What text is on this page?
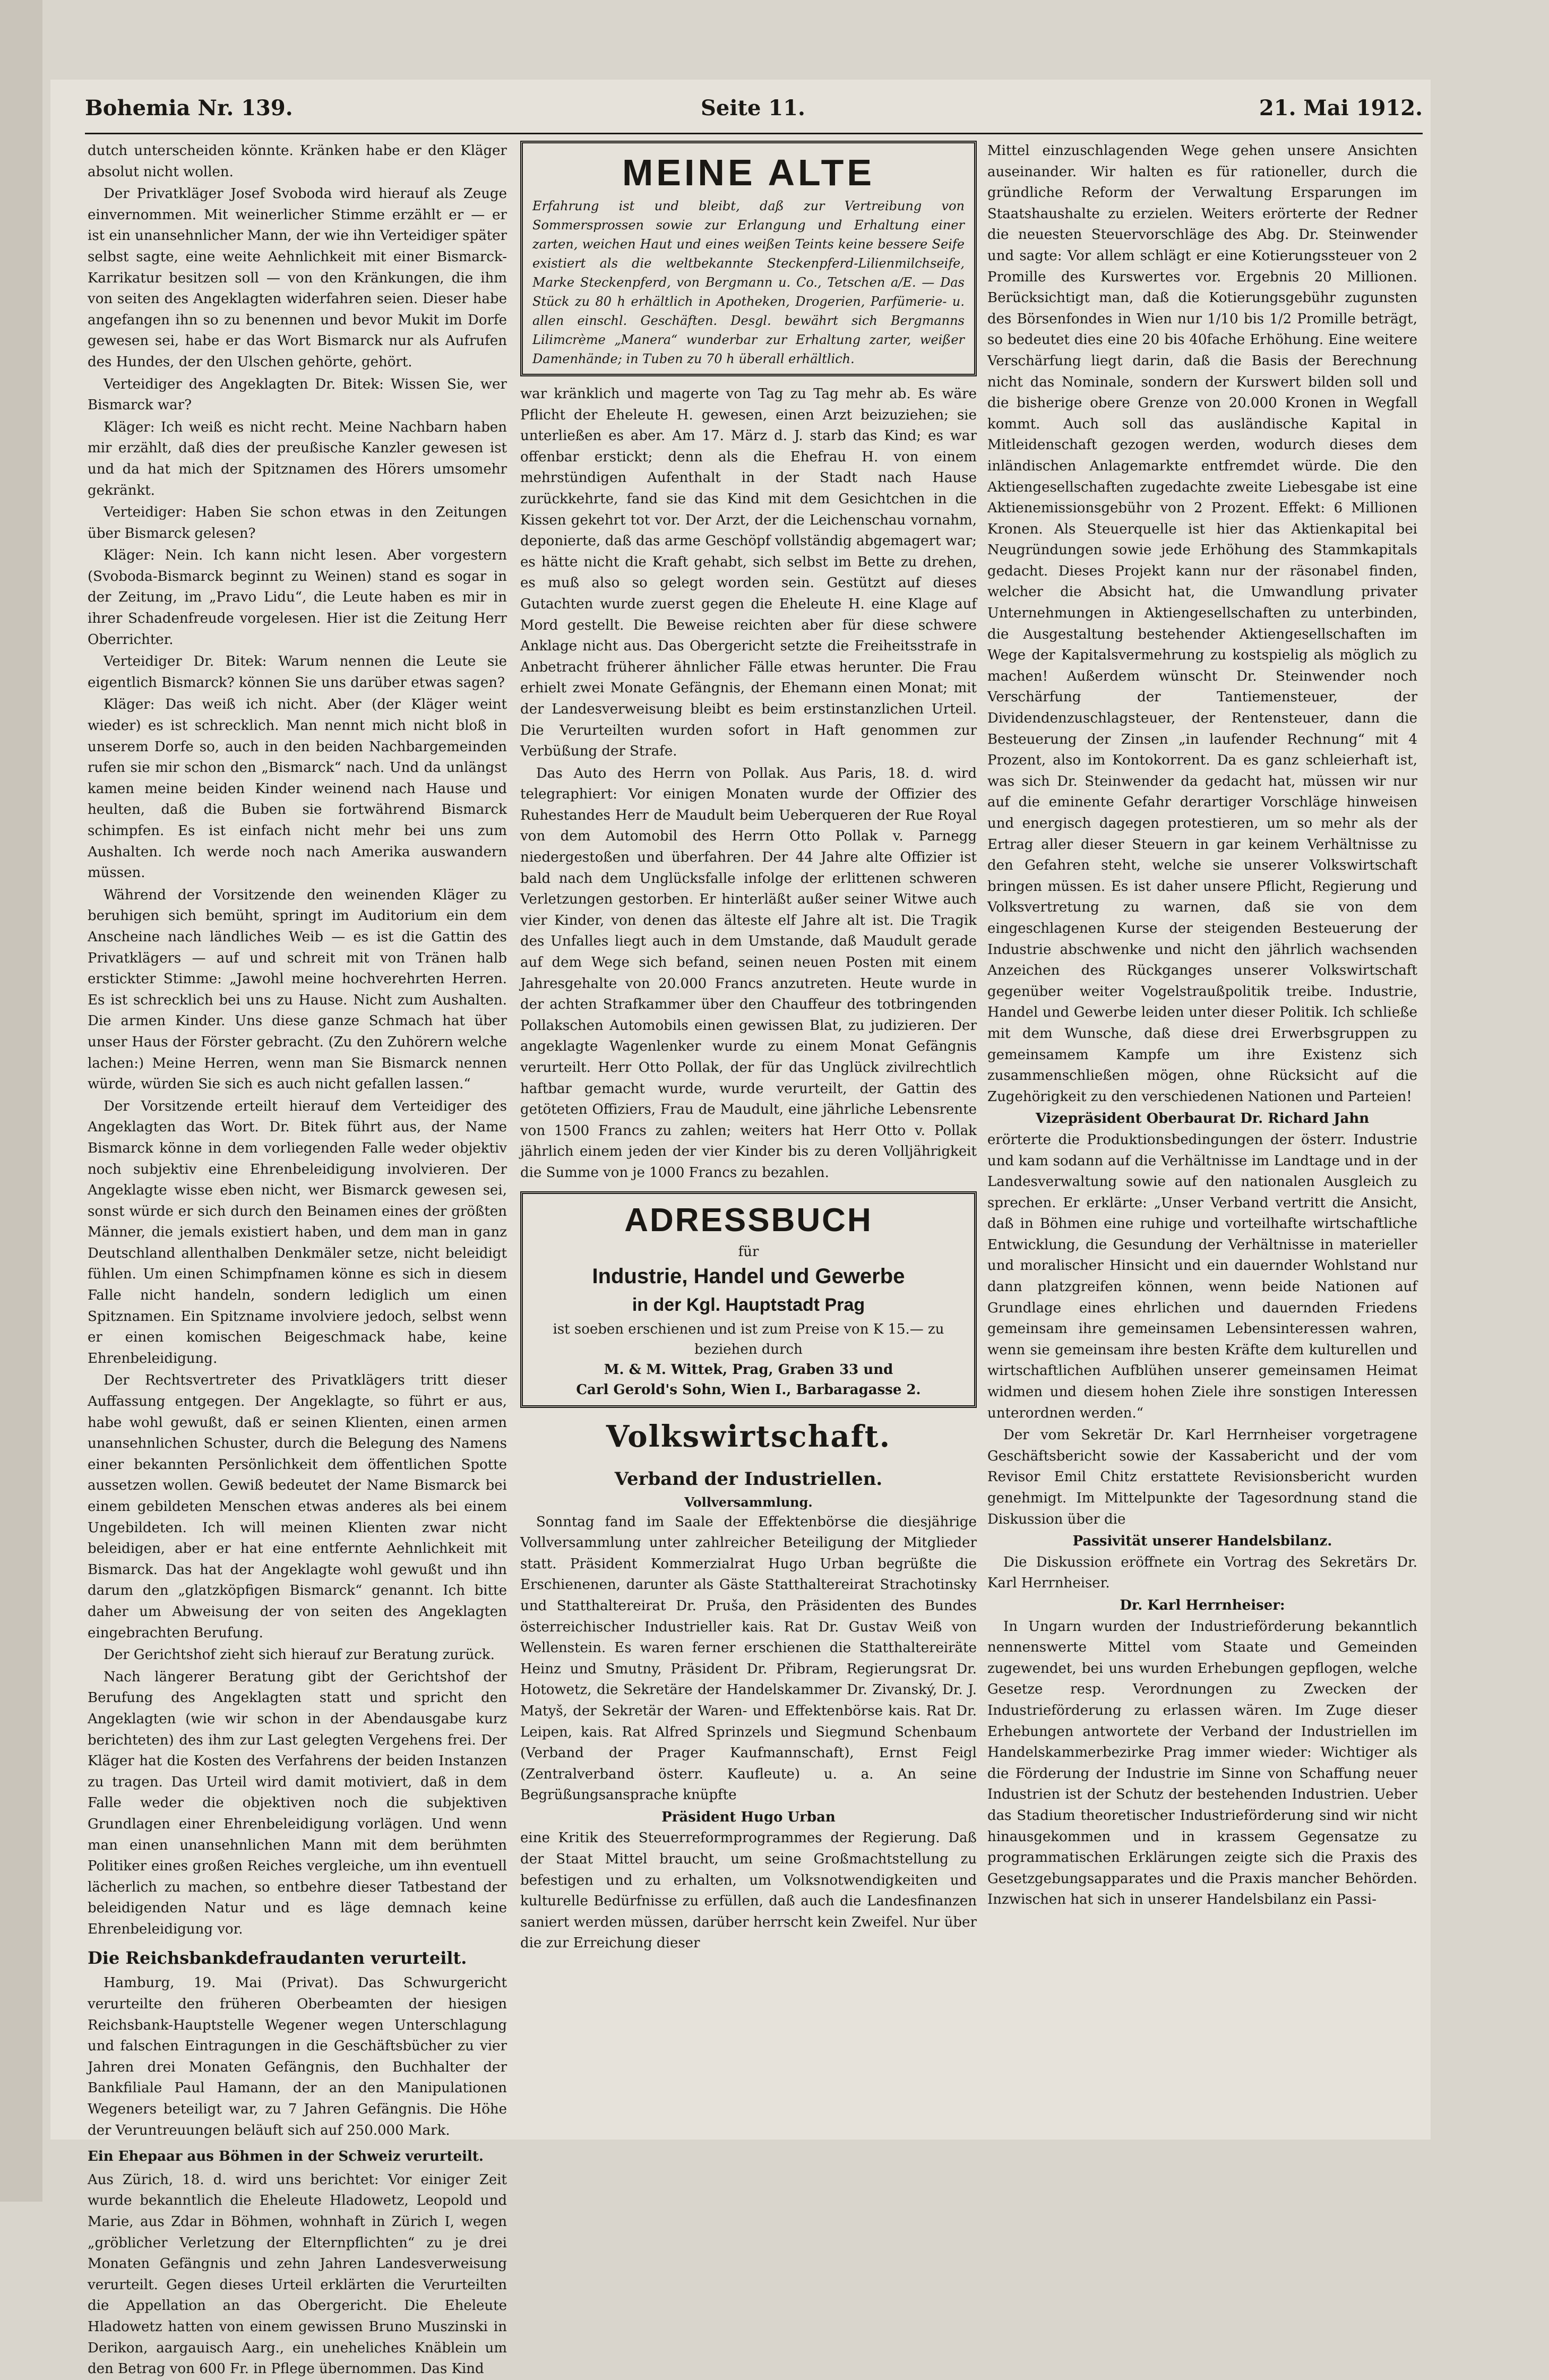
Bohemia Nr. 139.	Seite 11.	21. Mai 1912.

dutch unterscheiden könnte. Kränken habe er den Kläger absolut nicht wollen.

Der Privatkläger Josef Svoboda wird hierauf als Zeuge einvernommen. Mit weinerlicher Stimme erzählt er — er ist ein unansehnlicher Mann, der wie ihn Verteidiger später selbst sagte, eine weite Aehnlichkeit mit einer Bismarck-Karrikatur besitzen soll — von den Kränkungen, die ihm von seiten des Angeklagten widerfahren seien. Dieser habe angefangen ihn so zu benennen und bevor Mukit im Dorfe gewesen sei, habe er das Wort Bismarck nur als Aufrufen des Hundes, der den Ulschen gehörte, gehört.

Verteidiger des Angeklagten Dr. Bitek: Wissen Sie, wer Bismarck war?

Kläger: Ich weiß es nicht recht. Meine Nachbarn haben mir erzählt, daß dies der preußische Kanzler gewesen ist und da hat mich der Spitznamen des Hörers umsomehr gekränkt.

Verteidiger: Haben Sie schon etwas in den Zeitungen über Bismarck gelesen?

Kläger: Nein. Ich kann nicht lesen. Aber vorgestern (Svoboda-Bismarck beginnt zu Weinen) stand es sogar in der Zeitung, im „Pravo Lidu“, die Leute haben es mir in ihrer Schadenfreude vorgelesen. Hier ist die Zeitung Herr Oberrichter.

Verteidiger Dr. Bitek: Warum nennen die Leute sie eigentlich Bismarck? können Sie uns darüber etwas sagen?

Kläger: Das weiß ich nicht. Aber (der Kläger weint wieder) es ist schrecklich. Man nennt mich nicht bloß in unserem Dorfe so, auch in den beiden Nachbargemeinden rufen sie mir schon den „Bismarck“ nach. Und da unlängst kamen meine beiden Kinder weinend nach Hause und heulten, daß die Buben sie fortwährend Bismarck schimpfen. Es ist einfach nicht mehr bei uns zum Aushalten. Ich werde noch nach Amerika auswandern müssen.

Während der Vorsitzende den weinenden Kläger zu beruhigen sich bemüht, springt im Auditorium ein dem Anscheine nach ländliches Weib — es ist die Gattin des Privatklägers — auf und schreit mit von Tränen halb erstickter Stimme: „Jawohl meine hochverehrten Herren. Es ist schrecklich bei uns zu Hause. Nicht zum Aushalten. Die armen Kinder. Uns diese ganze Schmach hat über unser Haus der Förster gebracht. (Zu den Zuhörern welche lachen:) Meine Herren, wenn man Sie Bismarck nennen würde, würden Sie sich es auch nicht gefallen lassen.“

Der Vorsitzende erteilt hierauf dem Verteidiger des Angeklagten das Wort. Dr. Bitek führt aus, der Name Bismarck könne in dem vorliegenden Falle weder objektiv noch subjektiv eine Ehrenbeleidigung involvieren. Der Angeklagte wisse eben nicht, wer Bismarck gewesen sei, sonst würde er sich durch den Beinamen eines der größten Männer, die jemals existiert haben, und dem man in ganz Deutschland allenthalben Denkmäler setze, nicht beleidigt fühlen. Um einen Schimpfnamen könne es sich in diesem Falle nicht handeln, sondern lediglich um einen Spitznamen. Ein Spitzname involviere jedoch, selbst wenn er einen komischen Beigeschmack habe, keine Ehrenbeleidigung.

Der Rechtsvertreter des Privatklägers tritt dieser Auffassung entgegen. Der Angeklagte, so führt er aus, habe wohl gewußt, daß er seinen Klienten, einen armen unansehnlichen Schuster, durch die Belegung des Namens einer bekannten Persönlichkeit dem öffentlichen Spotte aussetzen wollen. Gewiß bedeutet der Name Bismarck bei einem gebildeten Menschen etwas anderes als bei einem Ungebildeten. Ich will meinen Klienten zwar nicht beleidigen, aber er hat eine entfernte Aehnlichkeit mit Bismarck. Das hat der Angeklagte wohl gewußt und ihn darum den „glatzköpfigen Bismarck“ genannt. Ich bitte daher um Abweisung der von seiten des Angeklagten eingebrachten Berufung.

Der Gerichtshof zieht sich hierauf zur Beratung zurück.

Nach längerer Beratung gibt der Gerichtshof der Berufung des Angeklagten statt und spricht den Angeklagten (wie wir schon in der Abendausgabe kurz berichteten) des ihm zur Last gelegten Vergehens frei. Der Kläger hat die Kosten des Verfahrens der beiden Instanzen zu tragen. Das Urteil wird damit motiviert, daß in dem Falle weder die objektiven noch die subjektiven Grundlagen einer Ehrenbeleidigung vorlägen. Und wenn man einen unansehnlichen Mann mit dem berühmten Politiker eines großen Reiches vergleiche, um ihn eventuell lächerlich zu machen, so entbehre dieser Tatbestand der beleidigenden Natur und es läge demnach keine Ehrenbeleidigung vor.

Die Reichsbankdefraudanten verurteilt.

Hamburg, 19. Mai (Privat). Das Schwurgericht verurteilte den früheren Oberbeamten der hiesigen Reichsbank-Hauptstelle Wegener wegen Unterschlagung und falschen Eintragungen in die Geschäftsbücher zu vier Jahren drei Monaten Gefängnis, den Buchhalter der Bankfiliale Paul Hamann, der an den Manipulationen Wegeners beteiligt war, zu 7 Jahren Gefängnis. Die Höhe der Veruntreuungen beläuft sich auf 250.000 Mark.

Ein Ehepaar aus Böhmen in der Schweiz verurteilt.

Aus Zürich, 18. d. wird uns berichtet: Vor einiger Zeit wurde bekanntlich die Eheleute Hladowetz, Leopold und Marie, aus Zdar in Böhmen, wohnhaft in Zürich I, wegen „gröblicher Verletzung der Elternpflichten“ zu je drei Monaten Gefängnis und zehn Jahren Landesverweisung verurteilt. Gegen dieses Urteil erklärten die Verurteilten die Appellation an das Obergericht. Die Eheleute Hladowetz hatten von einem gewissen Bruno Muszinski in Derikon, aargauisch Aarg., ein uneheliches Knäblein um den Betrag von 600 Fr. in Pflege übernommen. Das Kind

MEINE ALTE
Erfahrung ist und bleibt, daß zur Vertreibung von Sommersprossen sowie zur Erlangung und Erhaltung einer zarten, weichen Haut und eines weißen Teints keine bessere Seife existiert als die weltbekannte Steckenpferd-Lilienmilchseife, Marke Steckenpferd, von Bergmann u. Co., Tetschen a/E. — Das Stück zu 80 h erhältlich in Apotheken, Drogerien, Parfümerie- u. allen einschl. Geschäften. Desgl. bewährt sich Bergmanns Lilimcrème „Manera“ wunderbar zur Erhaltung zarter, weißer Damenhände; in Tuben zu 70 h überall erhältlich.

war kränklich und magerte von Tag zu Tag mehr ab. Es wäre Pflicht der Eheleute H. gewesen, einen Arzt beizuziehen; sie unterließen es aber. Am 17. März d. J. starb das Kind; es war offenbar erstickt; denn als die Ehefrau H. von einem mehrstündigen Aufenthalt in der Stadt nach Hause zurückkehrte, fand sie das Kind mit dem Gesichtchen in die Kissen gekehrt tot vor. Der Arzt, der die Leichenschau vornahm, deponierte, daß das arme Geschöpf vollständig abgemagert war; es hätte nicht die Kraft gehabt, sich selbst im Bette zu drehen, es muß also so gelegt worden sein. Gestützt auf dieses Gutachten wurde zuerst gegen die Eheleute H. eine Klage auf Mord gestellt. Die Beweise reichten aber für diese schwere Anklage nicht aus. Das Obergericht setzte die Freiheitsstrafe in Anbetracht früherer ähnlicher Fälle etwas herunter. Die Frau erhielt zwei Monate Gefängnis, der Ehemann einen Monat; mit der Landesverweisung bleibt es beim erstinstanzlichen Urteil. Die Verurteilten wurden sofort in Haft genommen zur Verbüßung der Strafe.

Das Auto des Herrn von Pollak. Aus Paris, 18. d. wird telegraphiert: Vor einigen Monaten wurde der Offizier des Ruhestandes Herr de Maudult beim Ueberqueren der Rue Royal von dem Automobil des Herrn Otto Pollak v. Parnegg niedergestoßen und überfahren. Der 44 Jahre alte Offizier ist bald nach dem Unglücksfalle infolge der erlittenen schweren Verletzungen gestorben. Er hinterläßt außer seiner Witwe auch vier Kinder, von denen das älteste elf Jahre alt ist. Die Tragik des Unfalles liegt auch in dem Umstande, daß Maudult gerade auf dem Wege sich befand, seinen neuen Posten mit einem Jahresgehalte von 20.000 Francs anzutreten. Heute wurde in der achten Strafkammer über den Chauffeur des totbringenden Pollakschen Automobils einen gewissen Blat, zu judizieren. Der angeklagte Wagenlenker wurde zu einem Monat Gefängnis verurteilt. Herr Otto Pollak, der für das Unglück zivilrechtlich haftbar gemacht wurde, wurde verurteilt, der Gattin des getöteten Offiziers, Frau de Maudult, eine jährliche Lebensrente von 1500 Francs zu zahlen; weiters hat Herr Otto v. Pollak jährlich einem jeden der vier Kinder bis zu deren Volljährigkeit die Summe von je 1000 Francs zu bezahlen.

ADRESSBUCH
für
Industrie, Handel und Gewerbe
in der Kgl. Hauptstadt Prag
ist soeben erschienen und ist zum Preise von K 15.— zu beziehen durch
M. & M. Wittek, Prag, Graben 33 und
Carl Gerold's Sohn, Wien I., Barbaragasse 2.
Volkswirtschaft.
Verband der Industriellen.
Vollversammlung.

Sonntag fand im Saale der Effektenbörse die diesjährige Vollversammlung unter zahlreicher Beteiligung der Mitglieder statt. Präsident Kommerzialrat Hugo Urban begrüßte die Erschienenen, darunter als Gäste Statthaltereirat Strachotinsky und Statthaltereirat Dr. Pruša, den Präsidenten des Bundes österreichischer Industrieller kais. Rat Dr. Gustav Weiß von Wellenstein. Es waren ferner erschienen die Statthaltereiräte Heinz und Smutny, Präsident Dr. Přibram, Regierungsrat Dr. Hotowetz, die Sekretäre der Handelskammer Dr. Zivanský, Dr. J. Matyš, der Sekretär der Waren- und Effektenbörse kais. Rat Dr. Leipen, kais. Rat Alfred Sprinzels und Siegmund Schenbaum (Verband der Prager Kaufmannschaft), Ernst Feigl (Zentralverband österr. Kaufleute) u. a. An seine Begrüßungsansprache knüpfte

Präsident Hugo Urban

eine Kritik des Steuerreformprogrammes der Regierung. Daß der Staat Mittel braucht, um seine Großmachtstellung zu befestigen und zu erhalten, um Volksnotwendigkeiten und kulturelle Bedürfnisse zu erfüllen, daß auch die Landesfinanzen saniert werden müssen, darüber herrscht kein Zweifel. Nur über die zur Erreichung dieser

Mittel einzuschlagenden Wege gehen unsere Ansichten auseinander. Wir halten es für rationeller, durch die gründliche Reform der Verwaltung Ersparungen im Staatshaushalte zu erzielen. Weiters erörterte der Redner die neuesten Steuervorschläge des Abg. Dr. Steinwender und sagte: Vor allem schlägt er eine Kotierungssteuer von 2 Promille des Kurswertes vor. Ergebnis 20 Millionen. Berücksichtigt man, daß die Kotierungsgebühr zugunsten des Börsenfondes in Wien nur 1/10 bis 1/2 Promille beträgt, so bedeutet dies eine 20 bis 40fache Erhöhung. Eine weitere Verschärfung liegt darin, daß die Basis der Berechnung nicht das Nominale, sondern der Kurswert bilden soll und die bisherige obere Grenze von 20.000 Kronen in Wegfall kommt. Auch soll das ausländische Kapital in Mitleidenschaft gezogen werden, wodurch dieses dem inländischen Anlagemarkte entfremdet würde. Die den Aktiengesellschaften zugedachte zweite Liebesgabe ist eine Aktienemissionsgebühr von 2 Prozent. Effekt: 6 Millionen Kronen. Als Steuerquelle ist hier das Aktienkapital bei Neugründungen sowie jede Erhöhung des Stammkapitals gedacht. Dieses Projekt kann nur der räsonabel finden, welcher die Absicht hat, die Umwandlung privater Unternehmungen in Aktiengesellschaften zu unterbinden, die Ausgestaltung bestehender Aktiengesellschaften im Wege der Kapitalsvermehrung zu kostspielig als möglich zu machen! Außerdem wünscht Dr. Steinwender noch Verschärfung der Tantiemensteuer, der Dividendenzuschlagsteuer, der Rentensteuer, dann die Besteuerung der Zinsen „in laufender Rechnung“ mit 4 Prozent, also im Kontokorrent. Da es ganz schleierhaft ist, was sich Dr. Steinwender da gedacht hat, müssen wir nur auf die eminente Gefahr derartiger Vorschläge hinweisen und energisch dagegen protestieren, um so mehr als der Ertrag aller dieser Steuern in gar keinem Verhältnisse zu den Gefahren steht, welche sie unserer Volkswirtschaft bringen müssen. Es ist daher unsere Pflicht, Regierung und Volksvertretung zu warnen, daß sie von dem eingeschlagenen Kurse der steigenden Besteuerung der Industrie abschwenke und nicht den jährlich wachsenden Anzeichen des Rückganges unserer Volkswirtschaft gegenüber weiter Vogelstraußpolitik treibe. Industrie, Handel und Gewerbe leiden unter dieser Politik. Ich schließe mit dem Wunsche, daß diese drei Erwerbsgruppen zu gemeinsamem Kampfe um ihre Existenz sich zusammenschließen mögen, ohne Rücksicht auf die Zugehörigkeit zu den verschiedenen Nationen und Parteien!

Vizepräsident Oberbaurat Dr. Richard Jahn

erörterte die Produktionsbedingungen der österr. Industrie und kam sodann auf die Verhältnisse im Landtage und in der Landesverwaltung sowie auf den nationalen Ausgleich zu sprechen. Er erklärte: „Unser Verband vertritt die Ansicht, daß in Böhmen eine ruhige und vorteilhafte wirtschaftliche Entwicklung, die Gesundung der Verhältnisse in materieller und moralischer Hinsicht und ein dauernder Wohlstand nur dann platzgreifen können, wenn beide Nationen auf Grundlage eines ehrlichen und dauernden Friedens gemeinsam ihre gemeinsamen Lebensinteressen wahren, wenn sie gemeinsam ihre besten Kräfte dem kulturellen und wirtschaftlichen Aufblühen unserer gemeinsamen Heimat widmen und diesem hohen Ziele ihre sonstigen Interessen unterordnen werden.“

Der vom Sekretär Dr. Karl Herrnheiser vorgetragene Geschäftsbericht sowie der Kassabericht und der vom Revisor Emil Chitz erstattete Revisionsbericht wurden genehmigt. Im Mittelpunkte der Tagesordnung stand die Diskussion über die

Passivität unserer Handelsbilanz.

Die Diskussion eröffnete ein Vortrag des Sekretärs Dr. Karl Herrnheiser.

Dr. Karl Herrnheiser:

In Ungarn wurden der Industrieförderung bekanntlich nennenswerte Mittel vom Staate und Gemeinden zugewendet, bei uns wurden Erhebungen gepflogen, welche Gesetze resp. Verordnungen zu Zwecken der Industrieförderung zu erlassen wären. Im Zuge dieser Erhebungen antwortete der Verband der Industriellen im Handelskammerbezirke Prag immer wieder: Wichtiger als die Förderung der Industrie im Sinne von Schaffung neuer Industrien ist der Schutz der bestehenden Industrien. Ueber das Stadium theoretischer Industrieförderung sind wir nicht hinausgekommen und in krassem Gegensatze zu programmatischen Erklärungen zeigte sich die Praxis des Gesetzgebungsapparates und die Praxis mancher Behörden. Inzwischen hat sich in unserer Handelsbilanz ein Passi-
